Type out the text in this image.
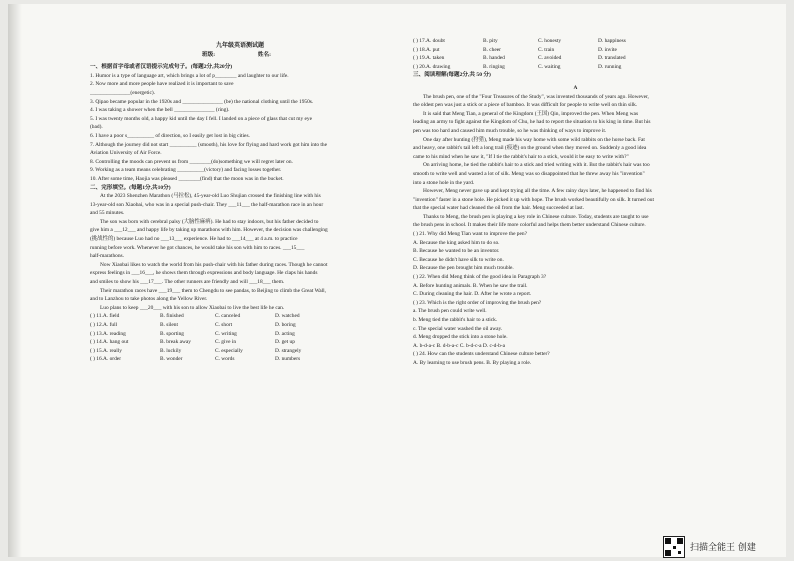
九年级英语测试题
班级:	姓名:
一、根据首字母或者汉语提示完成句子。(每题2分,共20分)
1. Humor is a type of language art, which brings a lot of p________ and laughter to our life.
2. Now more and more people have realized it is important to save
_______________(energetic).
3. Qipao became popular in the 1920s and _______________ (be) the national clothing until the 1950s.
4. I was taking a shower when the bell _______________ (ring).
5. I was twenty months old, a happy kid until the day I fell. I landed on a piece of glass that cut my eye
(bad).
6. I have a poor s__________ of direction, so I easily get lost in big cities.
7. Although the journey did not start __________ (smooth), his love for flying and hard work got him into the
Aviation University of Air Force.
8. Controlling the moods can prevent us from ________(do)something we will regret later on.
9. Working as a team means celebrating __________(victory) and facing losses together.
10. After some time, Haojia was pleased ________(find) that the moon was in the bucket.
二、完形填空。(每题1分,共10分)
At the 2023 Shenzhen Marathon (马拉松), 45-year-old Luo Shujian crossed the finishing line with his
13-year-old son Xiaobai, who was in a special push-chair. They ___11___ the half-marathon race in an hour
and 55 minutes.
The son was born with cerebral palsy (大脑性麻痹). He had to stay indoors, but his father decided to
give him a ___12___ and happy life by taking up marathons with him. However, the decision was challenging
(挑战性的) because Luo had no ___13___ experience. He had to ___14___ at 4 a.m. to practice
running before work. Whenever he got chances, he would take his son with him to races. ___15___
half-marathons.
Now Xiaobai likes to watch the world from his push-chair with his father during races. Though he cannot
express feelings in ___16___, he shows them through expressions and body language. He claps his hands
and smiles to show his ___17___. The other runners are friendly and will ___18___ them.
Their marathon races have ___19___ them to Chengdu to see pandas, to Beijing to climb the Great Wall,
and to Lanzhou to take photos along the Yellow River.
Luo plans to keep ___20___ with his son to allow Xiaobai to live the best life he can.
( ) 11.A. field	B. finished	C. canceled	D. watched
( ) 12.A. full	B. silent	C. short	D. boring
( ) 13.A. reading	B. sporting	C. writing	D. acting
( ) 14.A. hang out	B. break away	C. give in	D. get up
( ) 15.A. really	B. luckily	C. especially	D. strangely
( ) 16.A. order	B. wonder	C. words	D. numbers
( ) 17.A. doubt	B. pity	C. honesty	D. happiness
( ) 18.A. put	B. cheer	C. train	D. invite
( ) 19.A. taken	B. handed	C. avoided	D. translated
( ) 20.A. drawing	B. ringing	C. waiting	D. running
三、阅读理解(每题2分,共 50 分)
A
The brush pen, one of the "Four Treasures of the Study", was invented thousands of years ago. However,
the oldest pen was just a stick or a piece of bamboo. It was difficult for people to write well on thin silk.
It is said that Meng Tian, a general of the Kingdom (王国) Qin, improved the pen. When Meng was
leading an army to fight against the Kingdom of Chu, he had to report the situation to his king in time. But his
pen was too hard and caused him much trouble, so he was thinking of ways to improve it.
One day after hunting (狩猎), Meng made his way home with some wild rabbits on the horse back. Fat
and heavy, one rabbit's tail left a long trail (痕迹) on the ground when they moved on. Suddenly a good idea
came to his mind when he saw it, "If I tie the rabbit's hair to a stick, would it be easy to write with?"
On arriving home, he tied the rabbit's hair to a stick and tried writing with it. But the rabbit's hair was too
smooth to write well and wasted a lot of silk. Meng was so disappointed that he threw away his "invention"
into a stone hole in the yard.
However, Meng never gave up and kept trying all the time. A few rainy days later, he happened to find his
"invention" faster in a stone hole. He picked it up with hope. The brush worked beautifully on silk. It turned out
that the special water had cleaned the oil from the hair. Meng succeeded at last.
Thanks to Meng, the brush pen is playing a key role in Chinese culture. Today, students are taught to use
the brush pens in school. It makes their life more colorful and helps them better understand Chinese culture.
( ) 21. Why did Meng Tian want to improve the pen?
A. Because the king asked him to do so.
B. Because he wanted to be an inventor.
C. Because he didn't have silk to write on.
D. Because the pen brought him much trouble.
( ) 22. When did Meng think of the good idea in Paragraph 3?
A. Before hunting animals. B. When he saw the trail.
C. During cleaning the hair. D. After he wrote a report.
( ) 23. Which is the right order of improving the brush pen?
a. The brush pen could write well.
b. Meng tied the rabbit's hair to a stick.
c. The special water washed the oil away.
d. Meng dropped the stick into a stone hole.
A. b-d-a-c B. d-b-a-c C. b-d-c-a D. c-d-b-a
( ) 24. How can the students understand Chinese culture better?
A. By learning to use brush pens. B. By playing a role.
扫描全能王 创建
